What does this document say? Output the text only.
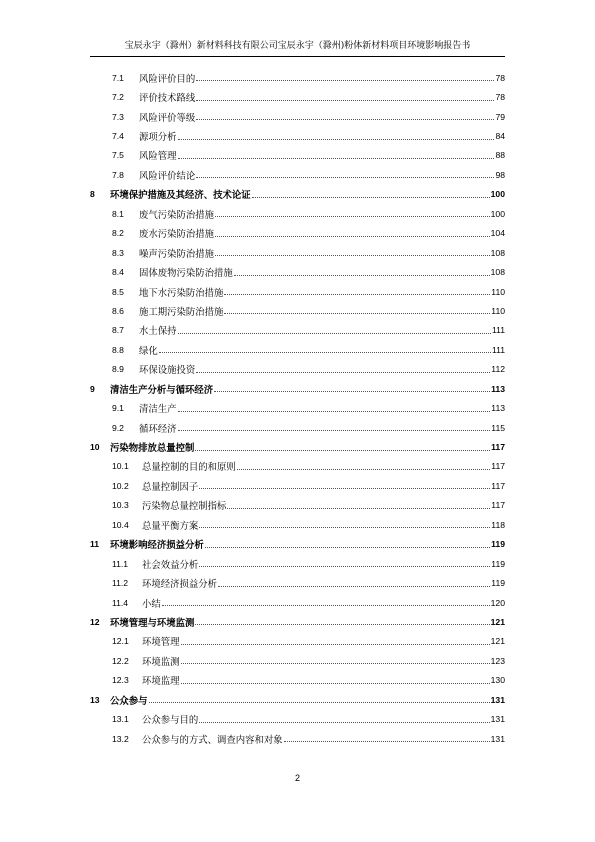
宝辰永宇（滁州）新材料科技有限公司宝辰永宇（滁州)粉体新材料项目环境影响报告书
7.1	风险评价目的	78
7.2	评价技术路线	78
7.3	风险评价等级	79
7.4	源项分析	84
7.5	风险管理	88
7.8	风险评价结论	98
8	环境保护措施及其经济、技术论证	100
8.1	废气污染防治措施	100
8.2	废水污染防治措施	104
8.3	噪声污染防治措施	108
8.4	固体废物污染防治措施	108
8.5	地下水污染防治措施	110
8.6	施工期污染防治措施	110
8.7	水土保持	111
8.8	绿化	111
8.9	环保设施投资	112
9	清洁生产分析与循环经济	113
9.1	清洁生产	113
9.2	循环经济	115
10	污染物排放总量控制	117
10.1	总量控制的目的和原则	117
10.2	总量控制因子	117
10.3	污染物总量控制指标	117
10.4	总量平衡方案	118
11	环境影响经济损益分析	119
11.1	社会效益分析	119
11.2	环境经济损益分析	119
11.4	小结	120
12	环境管理与环境监测	121
12.1	环境管理	121
12.2	环境监测	123
12.3	环境监理	130
13	公众参与	131
13.1	公众参与目的	131
13.2	公众参与的方式、调查内容和对象	131
2
